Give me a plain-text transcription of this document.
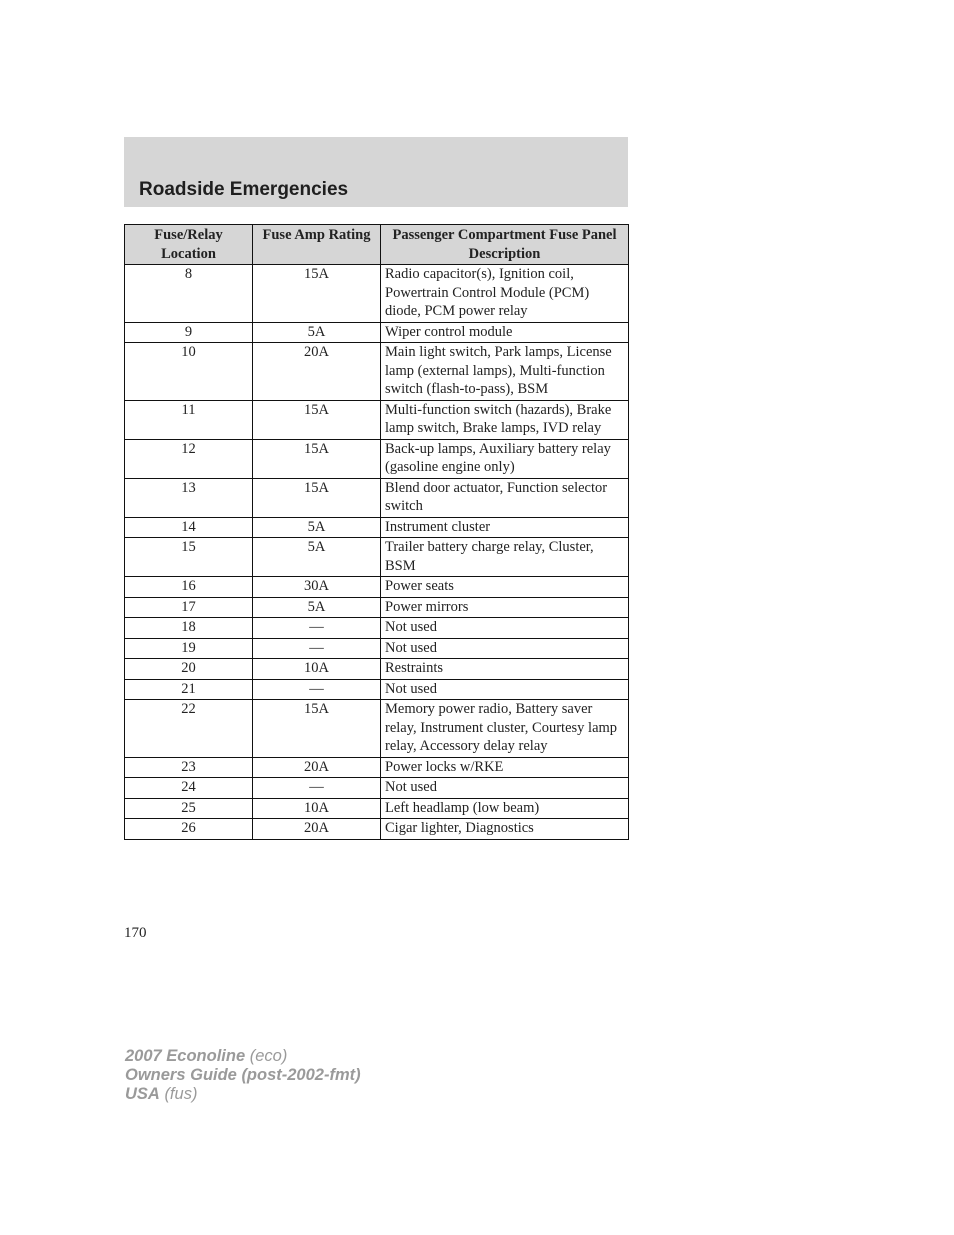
Roadside Emergencies
Fuse/Relay Location	Fuse Amp Rating	Passenger Compartment Fuse Panel Description
8	15A	Radio capacitor(s), Ignition coil, Powertrain Control Module (PCM) diode, PCM power relay
9	5A	Wiper control module
10	20A	Main light switch, Park lamps, License lamp (external lamps), Multi-function switch (flash-to-pass), BSM
11	15A	Multi-function switch (hazards), Brake lamp switch, Brake lamps, IVD relay
12	15A	Back-up lamps, Auxiliary battery relay (gasoline engine only)
13	15A	Blend door actuator, Function selector switch
14	5A	Instrument cluster
15	5A	Trailer battery charge relay, Cluster, BSM
16	30A	Power seats
17	5A	Power mirrors
18	—	Not used
19	—	Not used
20	10A	Restraints
21	—	Not used
22	15A	Memory power radio, Battery saver relay, Instrument cluster, Courtesy lamp relay, Accessory delay relay
23	20A	Power locks w/RKE
24	—	Not used
25	10A	Left headlamp (low beam)
26	20A	Cigar lighter, Diagnostics
170
2007 Econoline (eco)
Owners Guide (post-2002-fmt)
USA (fus)
